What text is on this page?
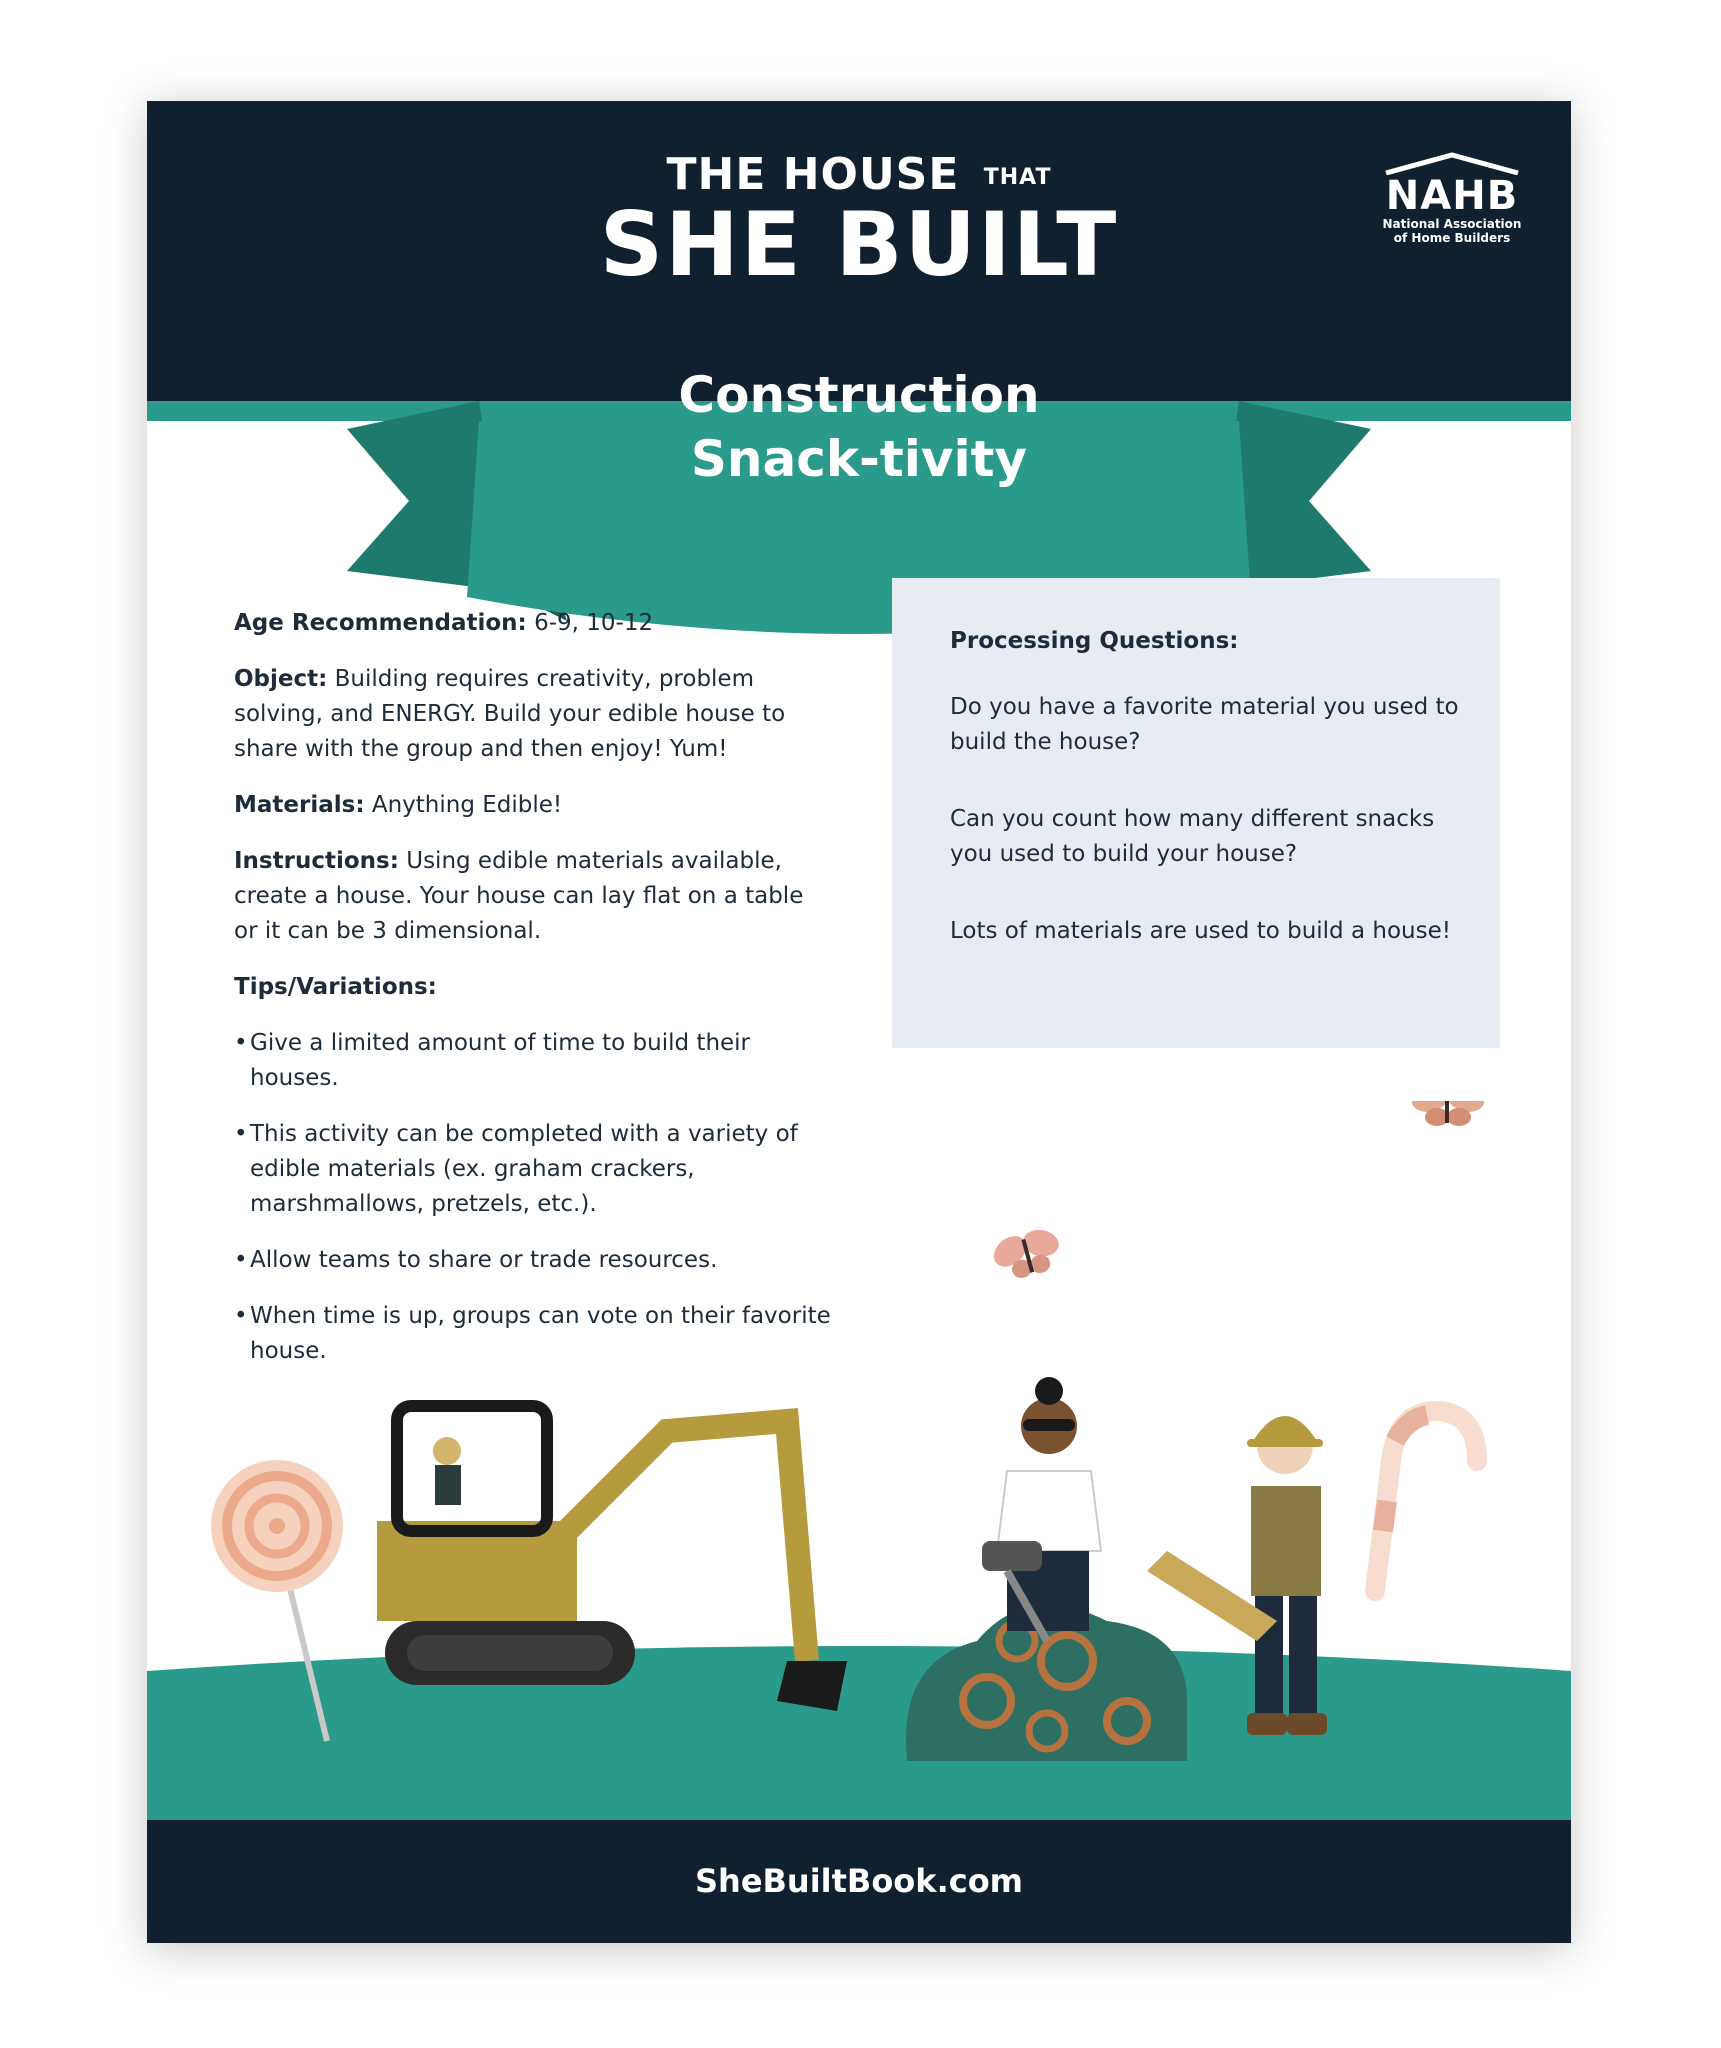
THE HOUSE THAT
SHE BUILT	NAHB
National Association
of Home Builders
Construction
Snack-tivity

Age Recommendation: 6-9, 10-12

Object: Building requires creativity, problem solving, and ENERGY. Build your edible house to share with the group and then enjoy! Yum!

Materials: Anything Edible!

Instructions: Using edible materials available, create a house. Your house can lay flat on a table or it can be 3 dimensional.

Tips/Variations:

• Give a limited amount of time to build their houses.
• This activity can be completed with a variety of edible materials (ex. graham crackers, marshmallows, pretzels, etc.).
• Allow teams to share or trade resources.
• When time is up, groups can vote on their favorite house.
Processing Questions:

Do you have a favorite material you used to build the house?

Can you count how many different snacks you used to build your house?

Lots of materials are used to build a house!

SheBuiltBook.com
